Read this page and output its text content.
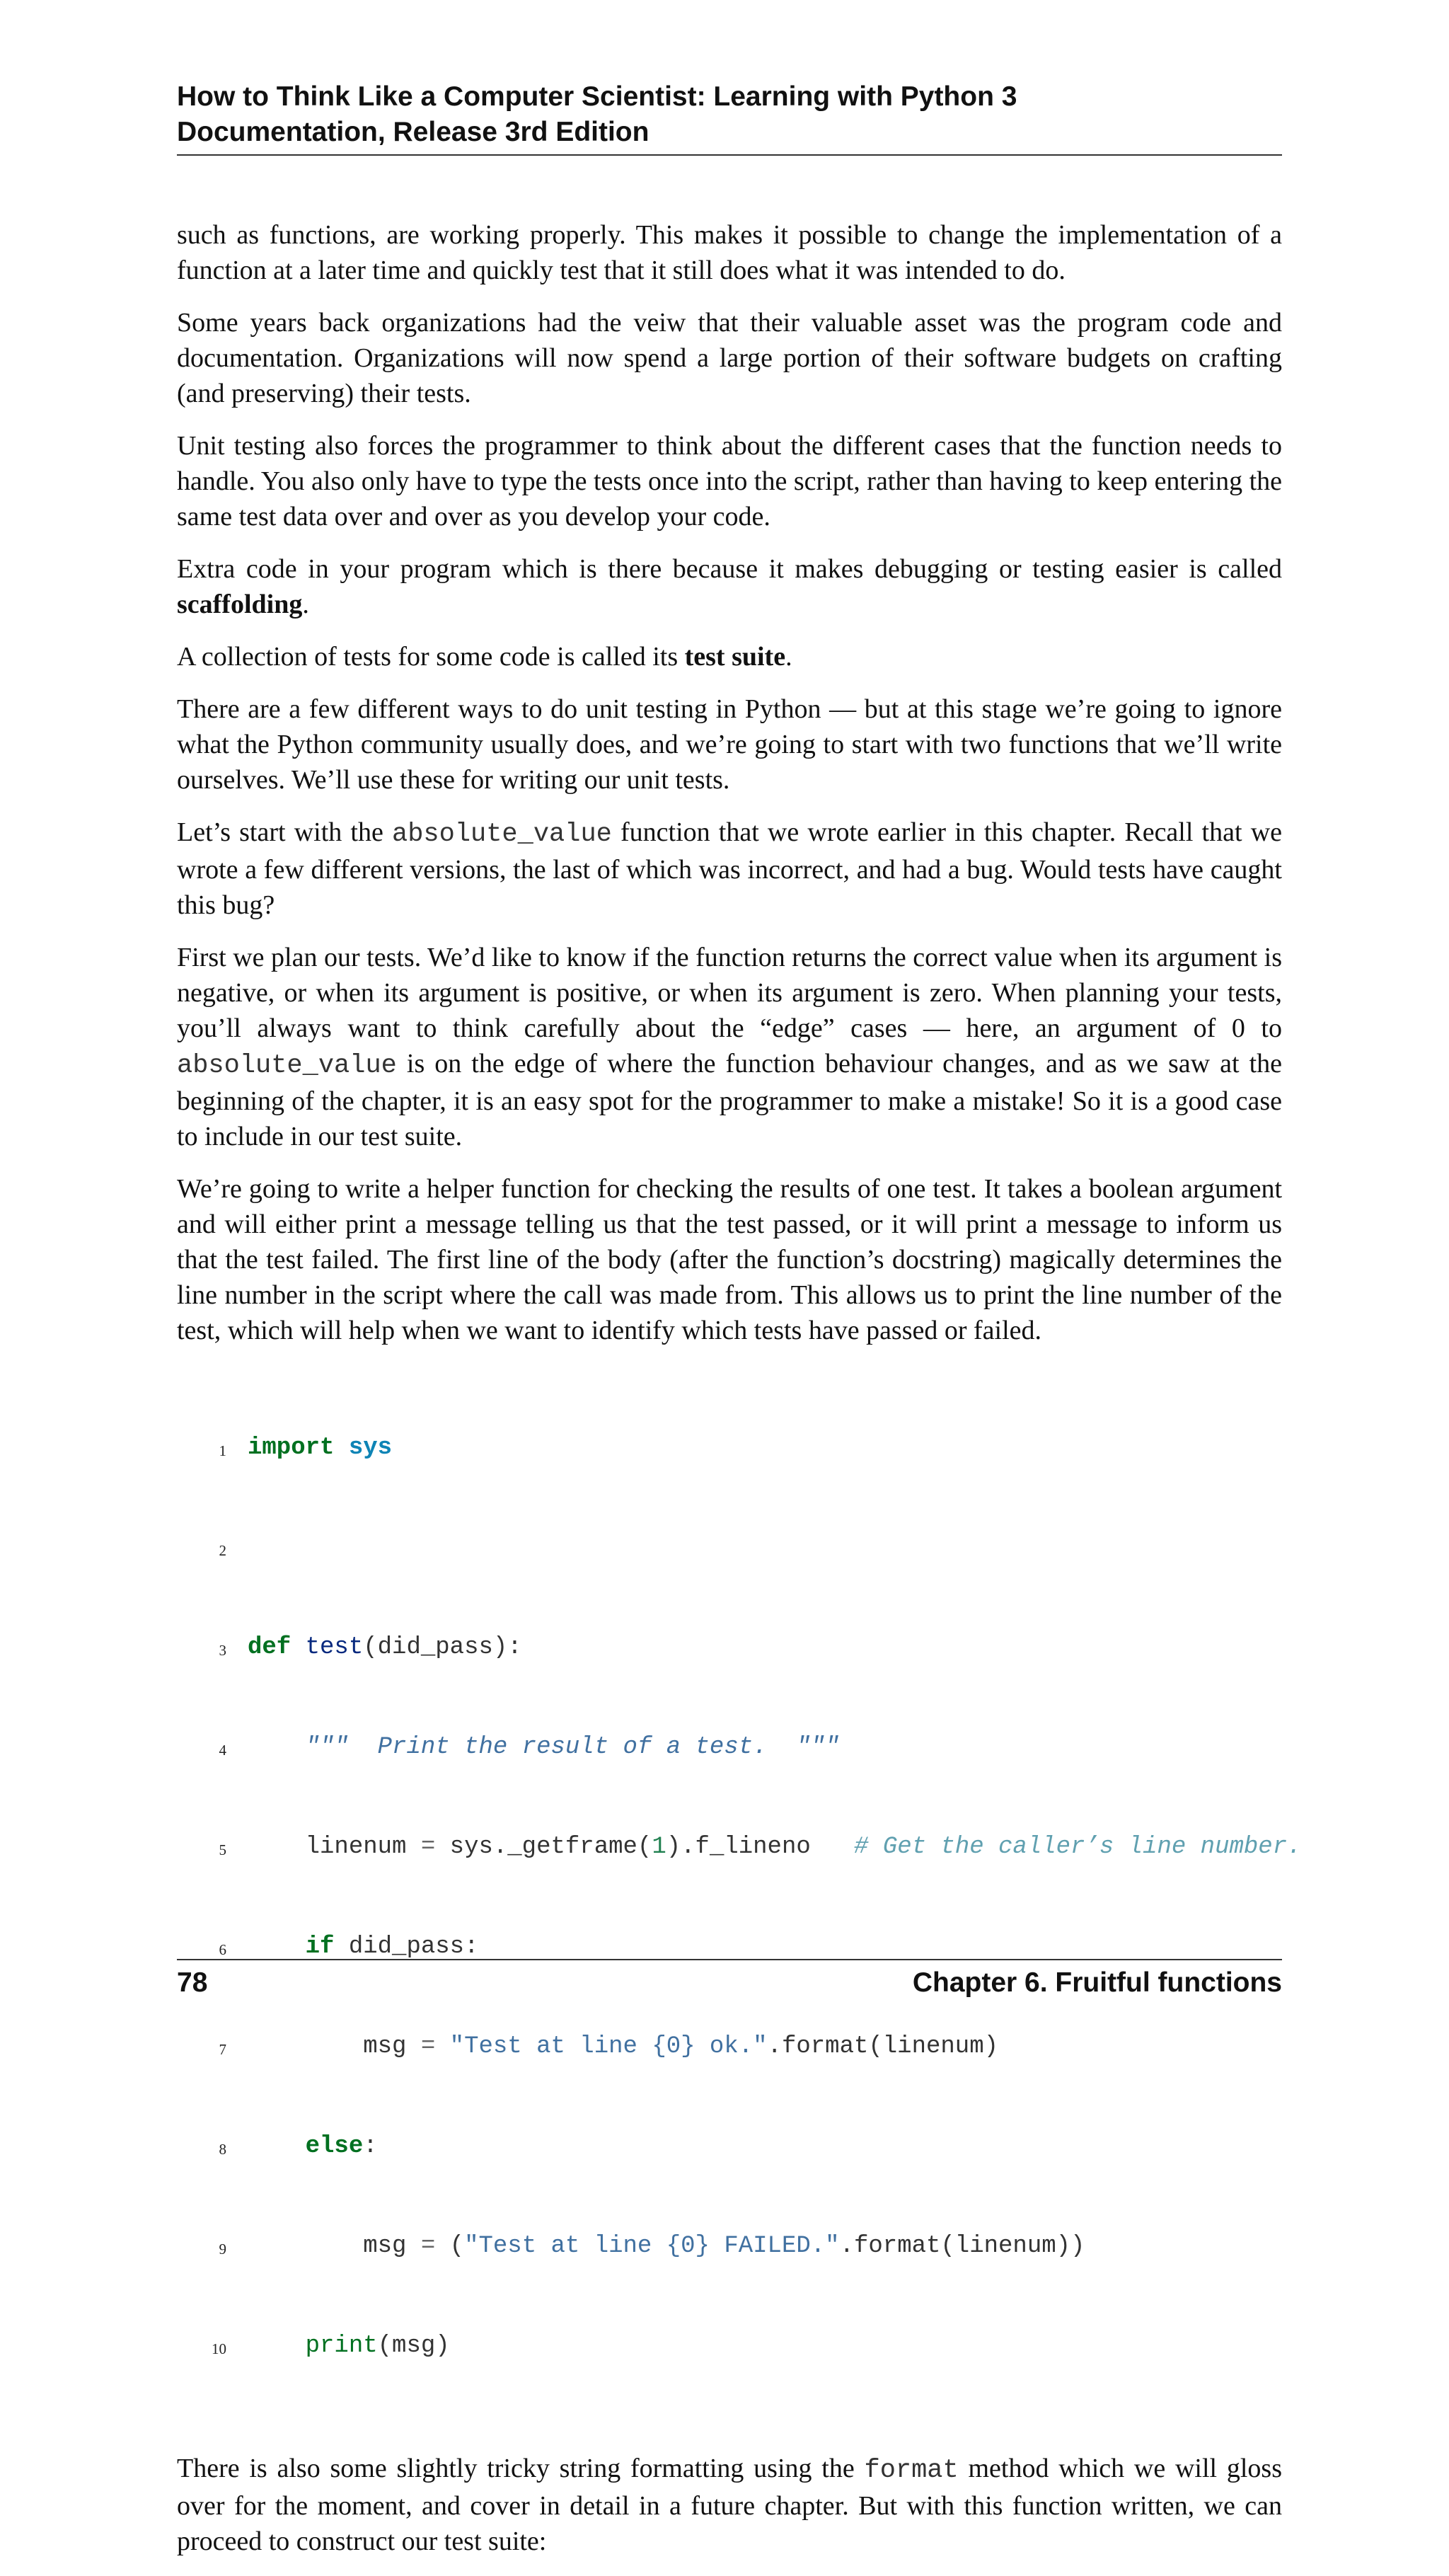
How to Think Like a Computer Scientist: Learning with Python 3

Documentation, Release 3rd Edition

such as functions, are working properly. This makes it possible to change the implementation of a function at a later time and quickly test that it still does what it was intended to do.

Some years back organizations had the veiw that their valuable asset was the program code and documentation. Organizations will now spend a large portion of their software budgets on crafting (and preserving) their tests.

Unit testing also forces the programmer to think about the different cases that the function needs to handle. You also only have to type the tests once into the script, rather than having to keep entering the same test data over and over as you develop your code.

Extra code in your program which is there because it makes debugging or testing easier is called scaffolding.

A collection of tests for some code is called its test suite.

There are a few different ways to do unit testing in Python — but at this stage we’re going to ignore what the Python community usually does, and we’re going to start with two functions that we’ll write ourselves. We’ll use these for writing our unit tests.

Let’s start with the absolute_value function that we wrote earlier in this chapter. Recall that we wrote a few different versions, the last of which was incorrect, and had a bug. Would tests have caught this bug?

First we plan our tests. We’d like to know if the function returns the correct value when its argument is negative, or when its argument is positive, or when its argument is zero. When planning your tests, you’ll always want to think carefully about the “edge” cases — here, an argument of 0 to absolute_value is on the edge of where the function behaviour changes, and as we saw at the beginning of the chapter, it is an easy spot for the programmer to make a mistake! So it is a good case to include in our test suite.

We’re going to write a helper function for checking the results of one test. It takes a boolean argument and will either print a message telling us that the test passed, or it will print a message to inform us that the test failed. The first line of the body (after the function’s docstring) magically determines the line number in the script where the call was made from. This allows us to print the line number of the test, which will help when we want to identify which tests have passed or failed.

1

import sys

2

3

def test(did_pass):

4

	"""  Print the result of a test.  """

5

	linenum = sys._getframe(1).f_lineno # Get the caller’s line number.

6

	if did_pass:

7

	msg = "Test at line {0} ok.".format(linenum)

8

	else:

9

	msg = ("Test at line {0} FAILED.".format(linenum))

10

	print(msg)

There is also some slightly tricky string formatting using the format method which we will gloss over for the moment, and cover in detail in a future chapter. But with this function written, we can proceed to construct our test suite:

78	Chapter 6. Fruitful functions
